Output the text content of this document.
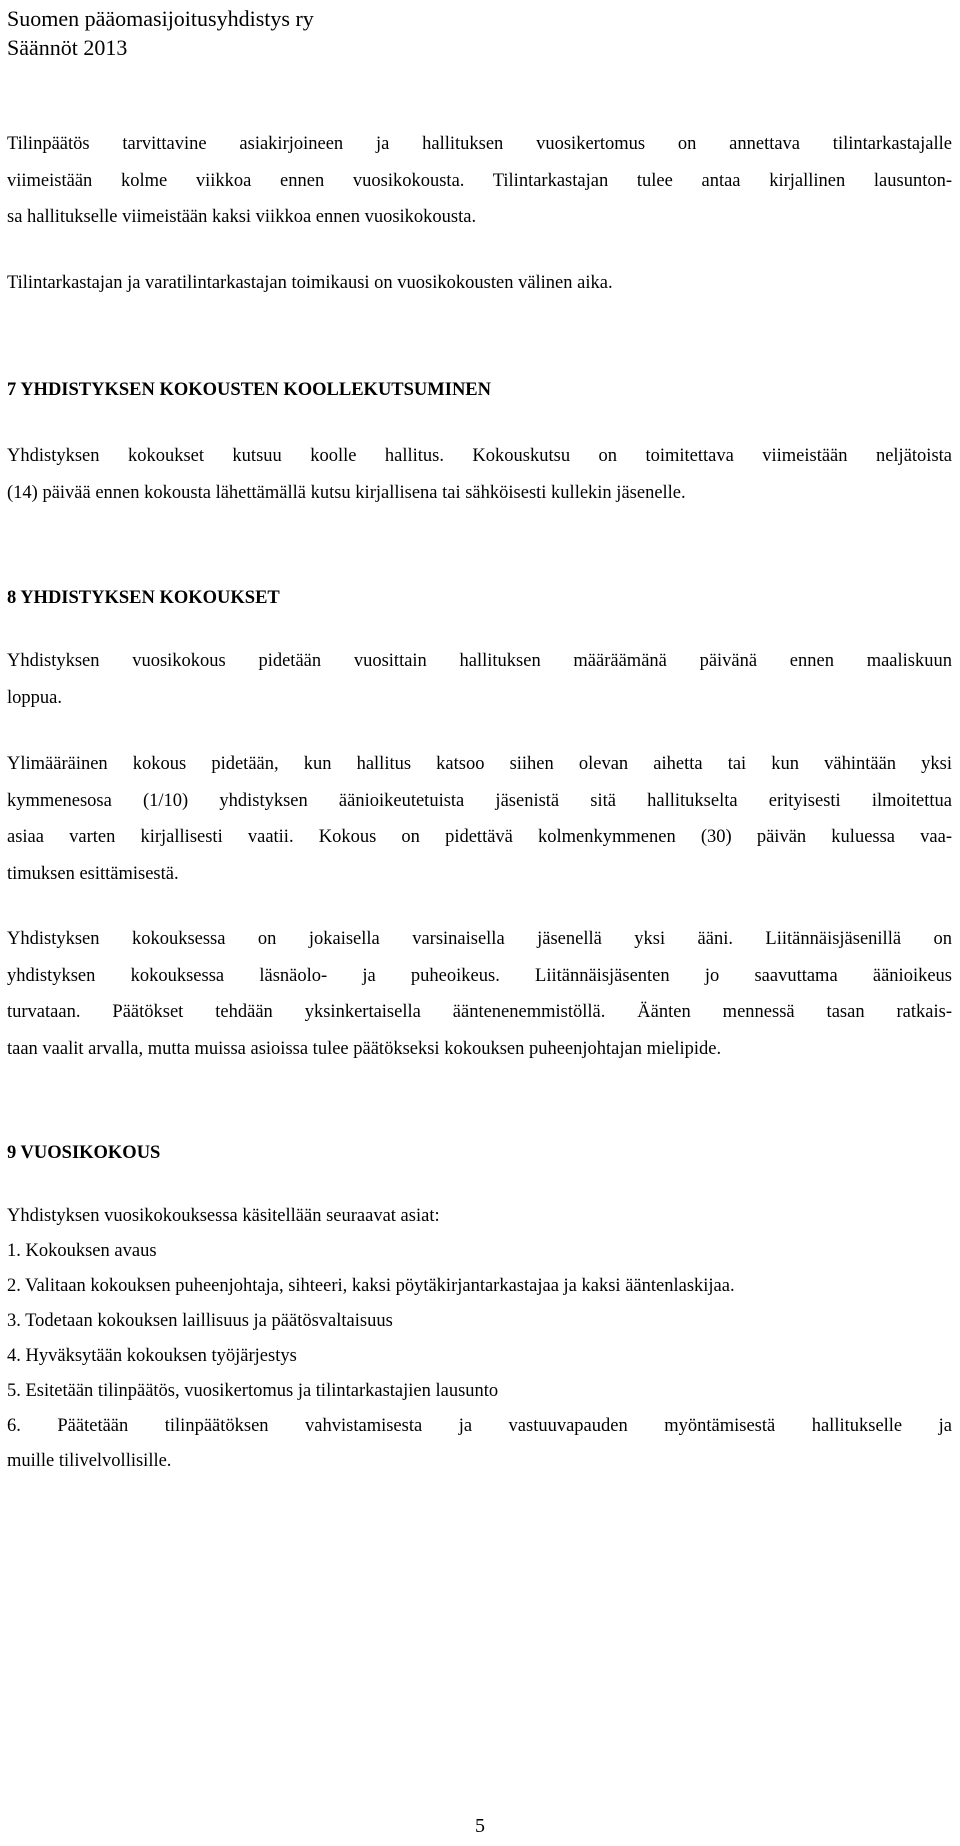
Suomen pääomasijoitusyhdistys ry
Säännöt 2013

Tilinpäätös tarvittavine asiakirjoineen ja hallituksen vuosikertomus on annettava tilintarkastajalle

viimeistään kolme viikkoa ennen vuosikokousta. Tilintarkastajan tulee antaa kirjallinen lausunton-

sa hallitukselle viimeistään kaksi viikkoa ennen vuosikokousta.

Tilintarkastajan ja varatilintarkastajan toimikausi on vuosikokousten välinen aika.

7 YHDISTYKSEN KOKOUSTEN KOOLLEKUTSUMINEN

Yhdistyksen kokoukset kutsuu koolle hallitus. Kokouskutsu on toimitettava viimeistään neljätoista

(14) päivää ennen kokousta lähettämällä kutsu kirjallisena tai sähköisesti kullekin jäsenelle.

8 YHDISTYKSEN KOKOUKSET

Yhdistyksen vuosikokous pidetään vuosittain hallituksen määräämänä päivänä ennen maaliskuun

loppua.

Ylimääräinen kokous pidetään, kun hallitus katsoo siihen olevan aihetta tai kun vähintään yksi

kymmenesosa (1/10) yhdistyksen äänioikeutetuista jäsenistä sitä hallitukselta erityisesti ilmoitettua

asiaa varten kirjallisesti vaatii. Kokous on pidettävä kolmenkymmenen (30) päivän kuluessa vaa-

timuksen esittämisestä.

Yhdistyksen kokouksessa on jokaisella varsinaisella jäsenellä yksi ääni. Liitännäisjäsenillä on

yhdistyksen kokouksessa läsnäolo- ja puheoikeus. Liitännäisjäsenten jo saavuttama äänioikeus

turvataan. Päätökset tehdään yksinkertaisella ääntenenemmistöllä. Äänten mennessä tasan ratkais-

taan vaalit arvalla, mutta muissa asioissa tulee päätökseksi kokouksen puheenjohtajan mielipide.

9 VUOSIKOKOUS

Yhdistyksen vuosikokouksessa käsitellään seuraavat asiat:

1. Kokouksen avaus

2. Valitaan kokouksen puheenjohtaja, sihteeri, kaksi pöytäkirjantarkastajaa ja kaksi ääntenlaskijaa.

3. Todetaan kokouksen laillisuus ja päätösvaltaisuus

4. Hyväksytään kokouksen työjärjestys

5. Esitetään tilinpäätös, vuosikertomus ja tilintarkastajien lausunto

6.  Päätetään  tilinpäätöksen  vahvistamisesta  ja  vastuuvapauden  myöntämisestä  hallitukselle  ja

muille tilivelvollisille.

5
